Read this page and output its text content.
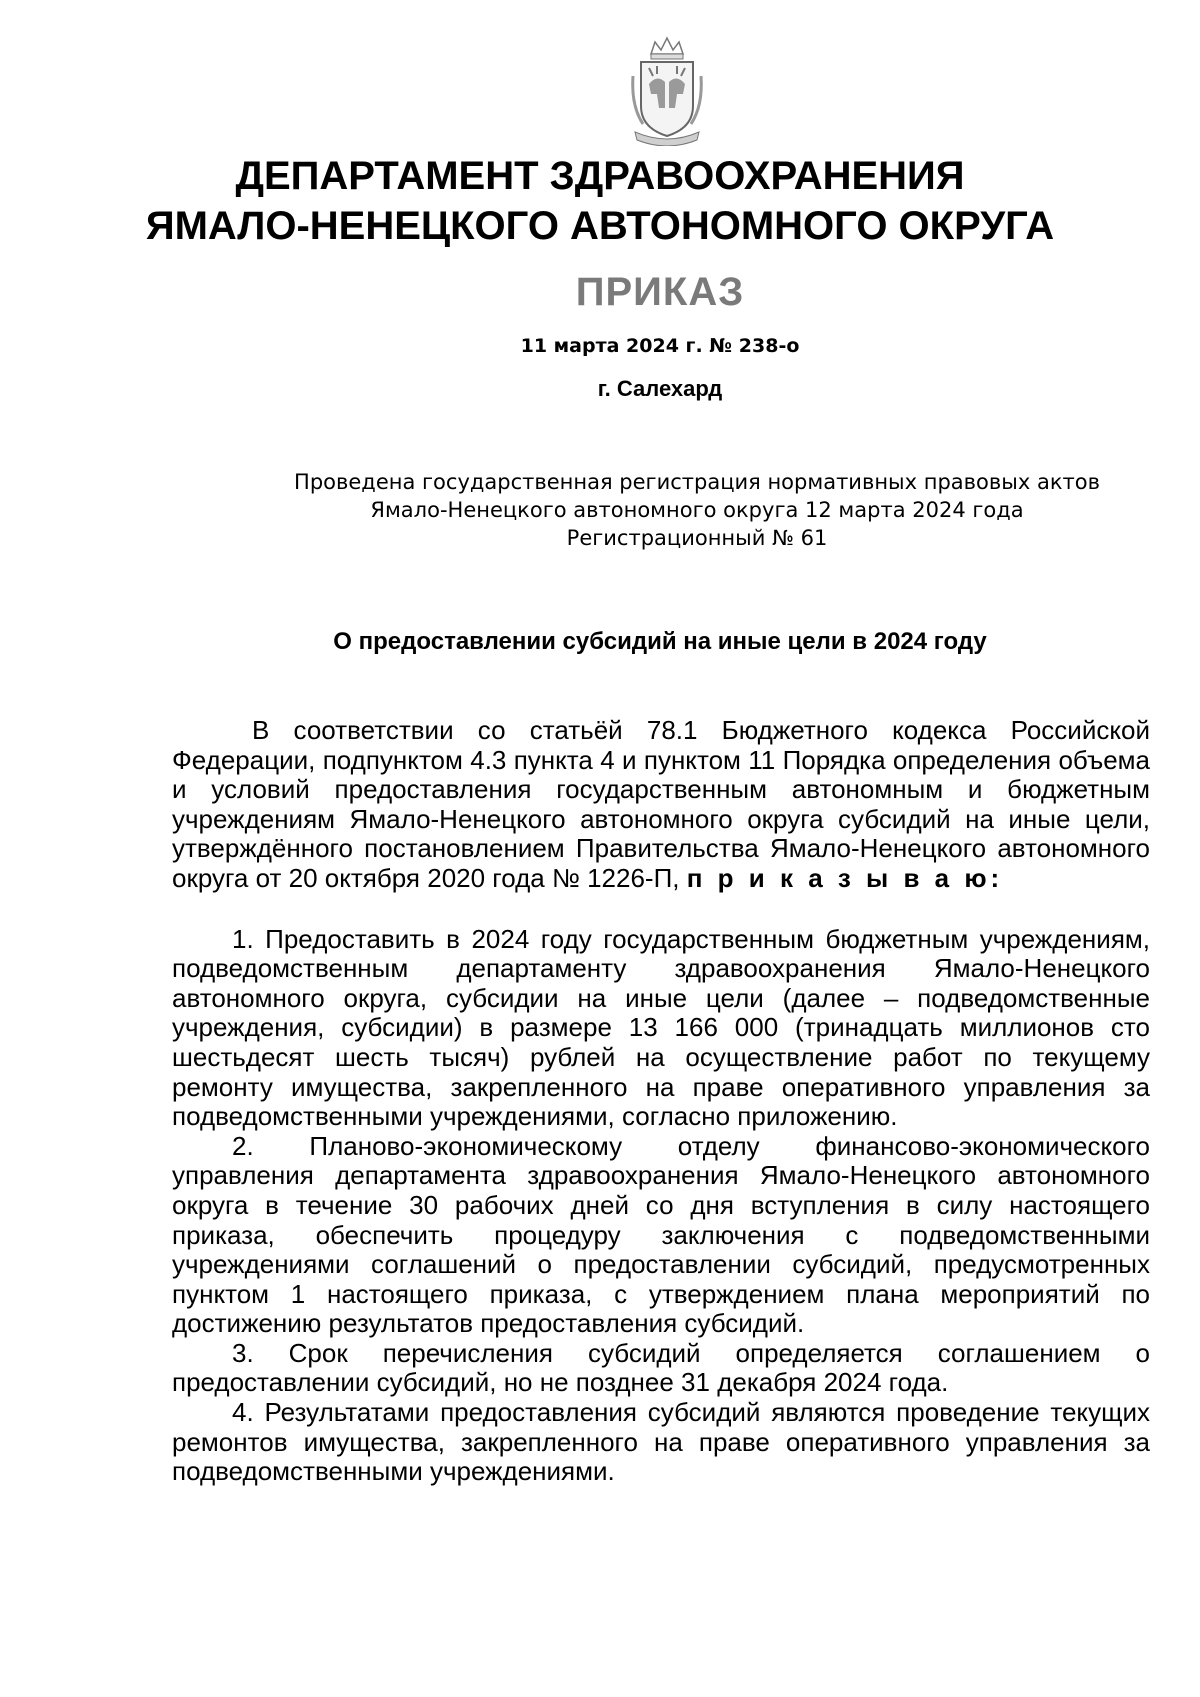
ДЕПАРТАМЕНТ ЗДРАВООХРАНЕНИЯ
ЯМАЛО-НЕНЕЦКОГО АВТОНОМНОГО ОКРУГА
ПРИКАЗ
11 марта 2024 г. № 238-о
г. Салехард
Проведена государственная регистрация нормативных правовых актов
Ямало-Ненецкого автономного округа 12 марта 2024 года
Регистрационный № 61
О предоставлении субсидий на иные цели в 2024 году

В соответствии со статьёй 78.1 Бюджетного кодекса Российской Федерации, подпунктом 4.3 пункта 4 и пунктом 11 Порядка определения объема и условий предоставления государственным автономным и бюджетным учреждениям Ямало-Ненецкого автономного округа субсидий на иные цели, утверждённого постановлением Правительства Ямало-Ненецкого автономного округа от 20 октября 2020 года № 1226-П, п р и к а з ы в а ю:

1. Предоставить в 2024 году государственным бюджетным учреждениям, подведомственным департаменту здравоохранения Ямало-Ненецкого автономного округа, субсидии на иные цели (далее – подведомственные учреждения, субсидии) в размере 13 166 000 (тринадцать миллионов сто шестьдесят шесть тысяч) рублей на осуществление работ по текущему ремонту имущества, закрепленного на праве оперативного управления за подведомственными учреждениями, согласно приложению.

2. Планово-экономическому отделу финансово-экономического управления департамента здравоохранения Ямало-Ненецкого автономного округа в течение 30 рабочих дней со дня вступления в силу настоящего приказа, обеспечить процедуру заключения с подведомственными учреждениями соглашений о предоставлении субсидий, предусмотренных пунктом 1 настоящего приказа, с утверждением плана мероприятий по достижению результатов предоставления субсидий.

3. Срок перечисления субсидий определяется соглашением о предоставлении субсидий, но не позднее 31 декабря 2024 года.

4. Результатами предоставления субсидий являются проведение текущих ремонтов имущества, закрепленного на праве оперативного управления за подведомственными учреждениями.
